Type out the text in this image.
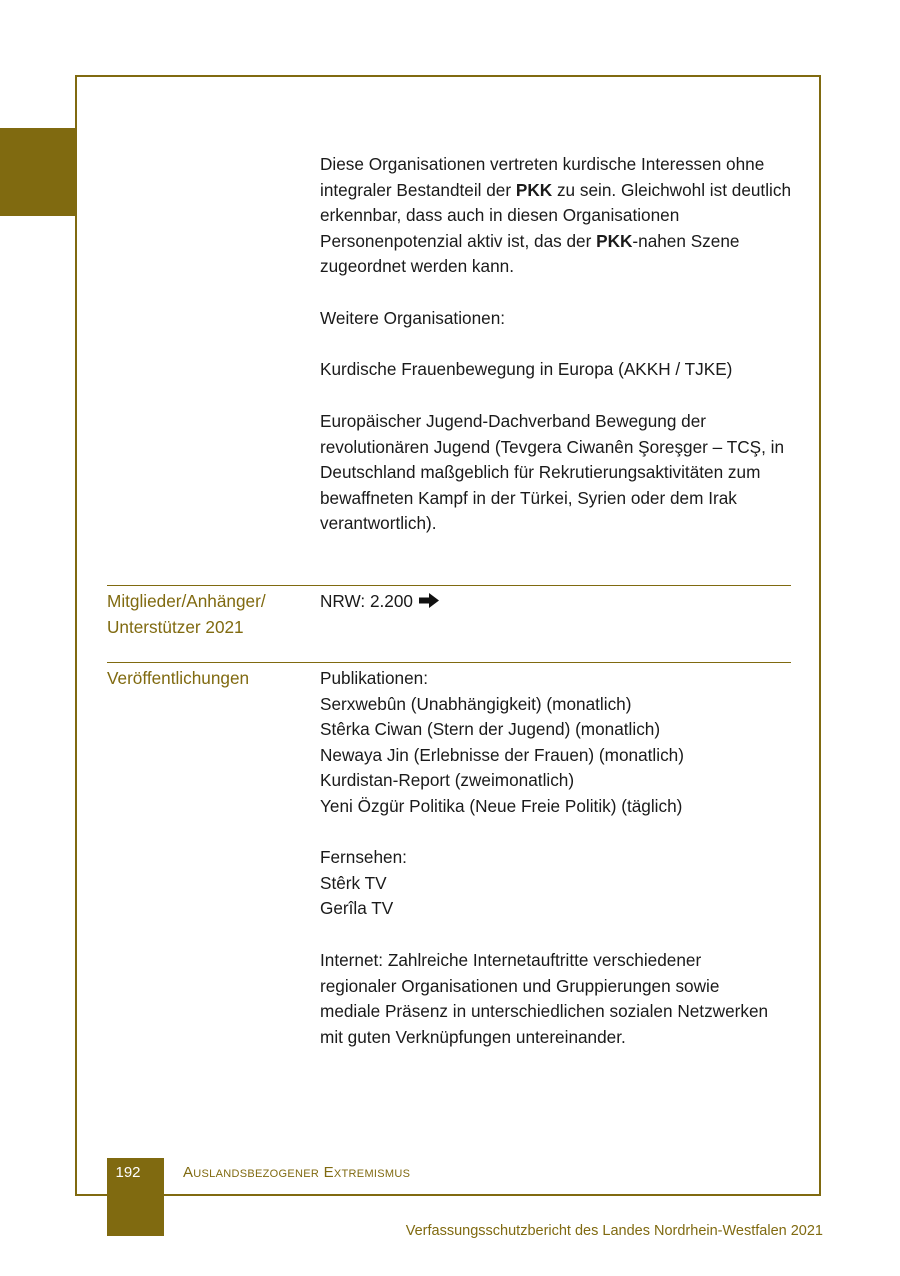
Diese Organisationen vertreten kurdische Interessen ohne integraler Bestandteil der PKK zu sein. Gleichwohl ist deutlich erkennbar, dass auch in diesen Organisationen Personenpotenzial aktiv ist, das der PKK-nahen Szene zugeordnet werden kann.

Weitere Organisationen:

Kurdische Frauenbewegung in Europa (AKKH / TJKE)

Europäischer Jugend-Dachverband Bewegung der revolutionären Jugend (Tevgera Ciwanên Şoreşger – TCŞ, in Deutschland maßgeblich für Rekrutierungsaktivitäten zum bewaffneten Kampf in der Türkei, Syrien oder dem Irak verantwortlich).

Mitglieder/Anhänger/
Unterstützer 2021

NRW: 2.200

Veröffentlichungen	Publikationen:
Serxwebûn (Unabhängigkeit) (monatlich)
Stêrka Ciwan (Stern der Jugend) (monatlich)
Newaya Jin (Erlebnisse der Frauen) (monatlich)
Kurdistan-Report (zweimonatlich)
Yeni Özgür Politika (Neue Freie Politik) (täglich)
Fernsehen:
Stêrk TV
Gerîla TV

Internet: Zahlreiche Internetauftritte verschiedener regionaler Organisationen und Gruppierungen sowie mediale Präsenz in unterschiedlichen sozialen Netzwerken mit guten Verknüpfungen untereinander.

192	Auslandsbezogener Extremismus
Verfassungsschutzbericht des Landes Nordrhein-Westfalen 2021
